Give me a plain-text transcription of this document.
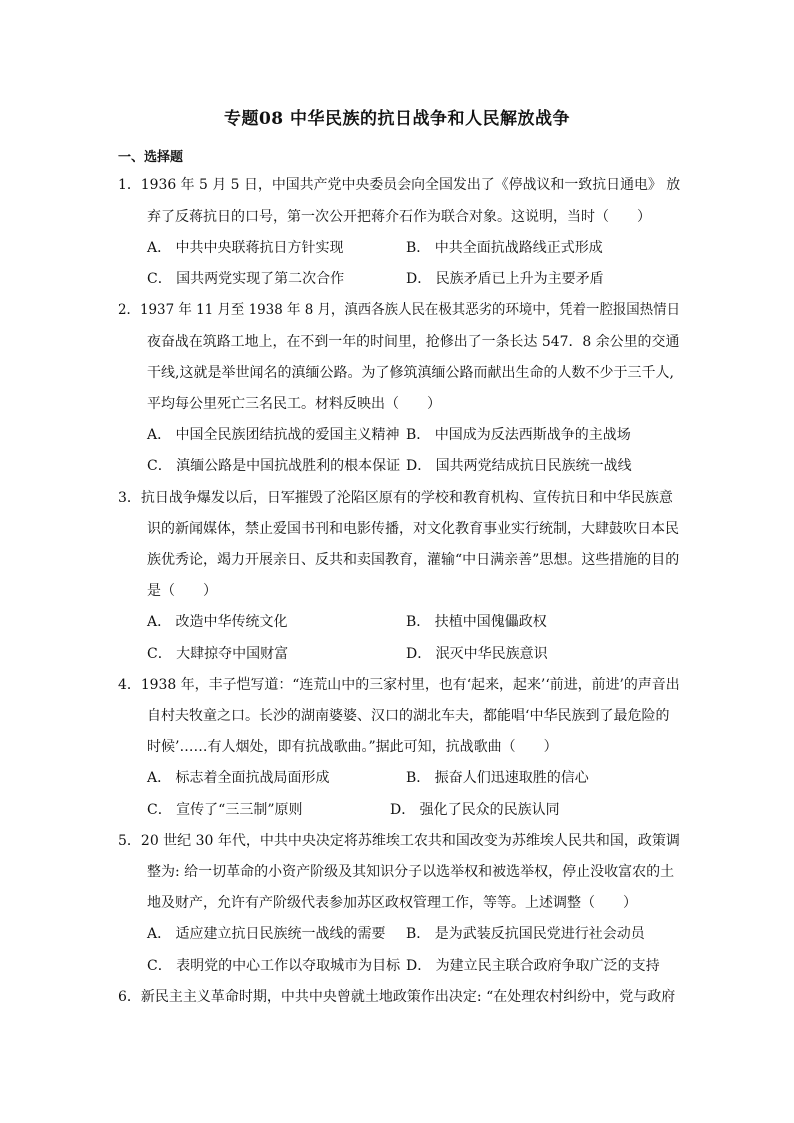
专题08 中华民族的抗日战争和人民解放战争
一、选择题
1．1936 年 5 月 5 日，中国共产党中央委员会向全国发出了《停战议和一致抗日通电》 放
弃了反蒋抗日的口号，第一次公开把蒋介石作为联合对象。这说明，当时（　　）
A． 中共中央联蒋抗日方针实现	B． 中共全面抗战路线正式形成
C． 国共两党实现了第二次合作	D． 民族矛盾已上升为主要矛盾
2．1937 年 11 月至 1938 年 8 月，滇西各族人民在极其恶劣的环境中，凭着一腔报国热情日
夜奋战在筑路工地上，在不到一年的时间里，抢修出了一条长达 547．8 余公里的交通
干线,这就是举世闻名的滇缅公路。为了修筑滇缅公路而献出生命的人数不少于三千人,
平均每公里死亡三名民工。材料反映出（　　）
A． 中国全民族团结抗战的爱国主义精神 B． 中国成为反法西斯战争的主战场
C． 滇缅公路是中国抗战胜利的根本保证 D． 国共两党结成抗日民族统一战线
3．抗日战争爆发以后，日军摧毁了沦陷区原有的学校和教育机构、宣传抗日和中华民族意
识的新闻媒体，禁止爱国书刊和电影传播，对文化教育事业实行统制，大肆鼓吹日本民
族优秀论，竭力开展亲日、反共和卖国教育，灌输“中日满亲善”思想。这些措施的目的
是（　　）
A． 改造中华传统文化	B． 扶植中国傀儡政权
C． 大肆掠夺中国财富	D． 泯灭中华民族意识
4．1938 年，丰子恺写道：“连荒山中的三家村里，也有‘起来，起来’‘前进，前进’的声音出
自村夫牧童之口。长沙的湖南婆婆、汉口的湖北车夫，都能唱‘中华民族到了最危险的
时候’……有人烟处，即有抗战歌曲。”据此可知，抗战歌曲（　　）
A． 标志着全面抗战局面形成	B． 振奋人们迅速取胜的信心
C． 宣传了“三三制”原则	D． 强化了民众的民族认同
5．20 世纪 30 年代，中共中央决定将苏维埃工农共和国改变为苏维埃人民共和国，政策调
整为: 给一切革命的小资产阶级及其知识分子以选举权和被选举权，停止没收富农的土
地及财产，允许有产阶级代表参加苏区政权管理工作，等等。上述调整（　　）
A． 适应建立抗日民族统一战线的需要 B． 是为武装反抗国民党进行社会动员
C． 表明党的中心工作以夺取城市为目标 D． 为建立民主联合政府争取广泛的支持
6．新民主主义革命时期，中共中央曾就土地政策作出决定: “在处理农村纠纷中，党与政府
